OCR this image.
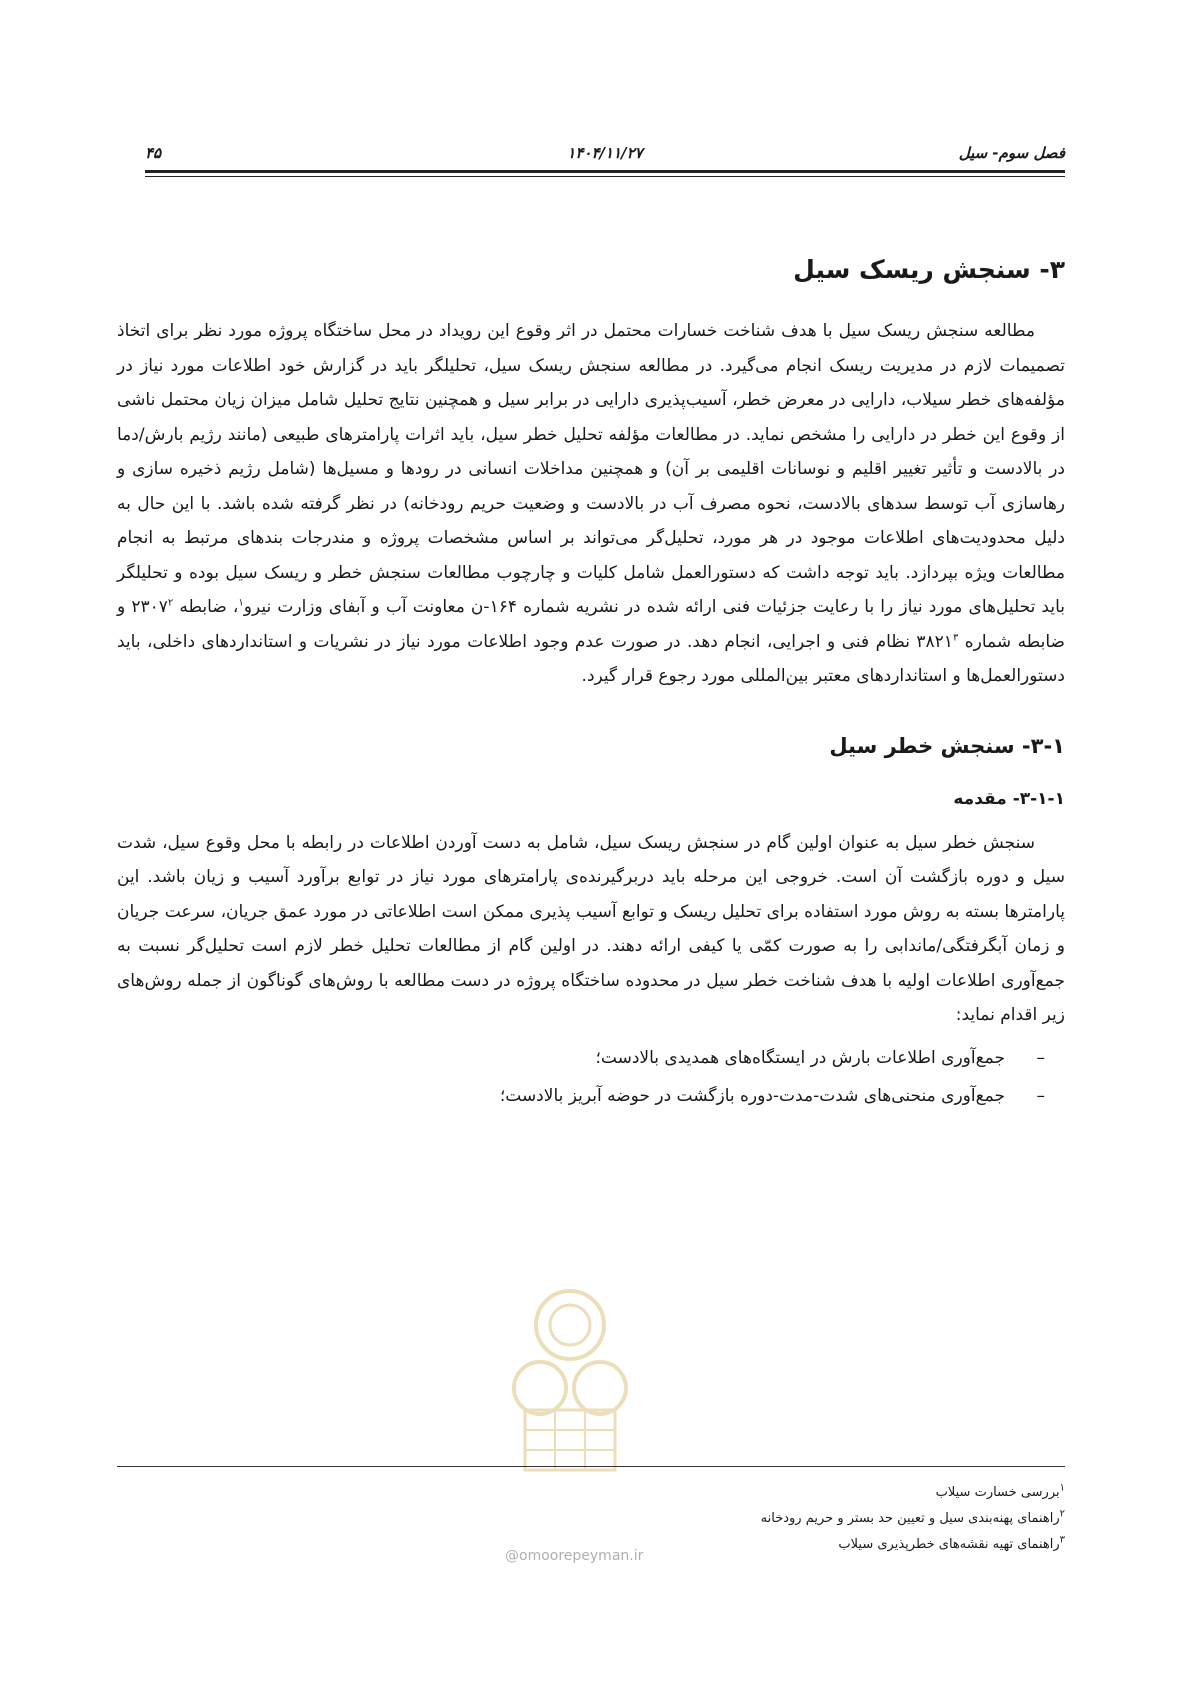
فصل سوم- سیل
۱۴۰۴/۱۱/۲۷
۴۵
۳- سنجش ریسک سیل

مطالعه سنجش ریسک سیل با هدف شناخت خسارات محتمل در اثر وقوع این رویداد در محل ساختگاه پروژه مورد نظر برای اتخاذ تصمیمات لازم در مدیریت ریسک انجام می‌گیرد. در مطالعه سنجش ریسک سیل، تحلیلگر باید در گزارش خود اطلاعات مورد نیاز در مؤلفه‌های خطر سیلاب، دارایی در معرض خطر، آسیب‌پذیری دارایی در برابر سیل و همچنین نتایج تحلیل شامل میزان زیان محتمل ناشی از وقوع این خطر در دارایی را مشخص نماید. در مطالعات مؤلفه تحلیل خطر سیل، باید اثرات پارامترهای طبیعی (مانند رژیم بارش/دما در بالادست و تأثیر تغییر اقلیم و نوسانات اقلیمی بر آن) و همچنین مداخلات انسانی در رودها و مسیل‌ها (شامل رژیم ذخیره سازی و رهاسازی آب توسط سدهای بالادست، نحوه مصرف آب در بالادست و وضعیت حریم رودخانه) در نظر گرفته شده باشد. با این حال به دلیل محدودیت‌های اطلاعات موجود در هر مورد، تحلیل‌گر می‌تواند بر اساس مشخصات پروژه و مندرجات بندهای مرتبط به انجام مطالعات ویژه بپردازد. باید توجه داشت که دستورالعمل شامل کلیات و چارچوب مطالعات سنجش خطر و ریسک سیل بوده و تحلیلگر باید تحلیل‌های مورد نیاز را با رعایت جزئیات فنی ارائه شده در نشریه شماره ۱۶۴-ن معاونت آب و آبفای وزارت نیرو$^۱$، ضابطه ۲۳۰۷$^۲$ و ضابطه شماره ۳۸۲۱$^۳$ نظام فنی و اجرایی، انجام دهد. در صورت عدم وجود اطلاعات مورد نیاز در نشریات و استانداردهای داخلی، باید دستورالعمل‌ها و استانداردهای معتبر بین‌المللی مورد رجوع قرار گیرد.

۳-۱- سنجش خطر سیل
۳-۱-۱- مقدمه

سنجش خطر سیل به عنوان اولین گام در سنجش ریسک سیل، شامل به دست آوردن اطلاعات در رابطه با محل وقوع سیل، شدت سیل و دوره بازگشت آن است. خروجی این مرحله باید دربرگیرنده‌ی پارامترهای مورد نیاز در توابع برآورد آسیب و زیان باشد. این پارامترها بسته به روش مورد استفاده برای تحلیل ریسک و توابع آسیب پذیری ممکن است اطلاعاتی در مورد عمق جریان، سرعت جریان و زمان آبگرفتگی/ماندابی را به صورت کمّی یا کیفی ارائه دهند. در اولین گام از مطالعات تحلیل خطر لازم است تحلیل‌گر نسبت به جمع‌آوری اطلاعات اولیه با هدف شناخت خطر سیل در محدوده ساختگاه پروژه در دست مطالعه با روش‌های گوناگون از جمله روش‌های زیر اقدام نماید:

–جمع‌آوری اطلاعات بارش در ایستگاه‌های همدیدی بالادست؛
–جمع‌آوری منحنی‌های شدت-مدت-دوره بازگشت در حوضه آبریز بالادست؛
$^۱$بررسی خسارت سیلاب
$^۲$راهنمای پهنه‌بندی سیل و تعیین حد بستر و حریم رودخانه
$^۳$راهنمای تهیه نقشه‌های خطرپذیری سیلاب
@omoorepeyman.ir
